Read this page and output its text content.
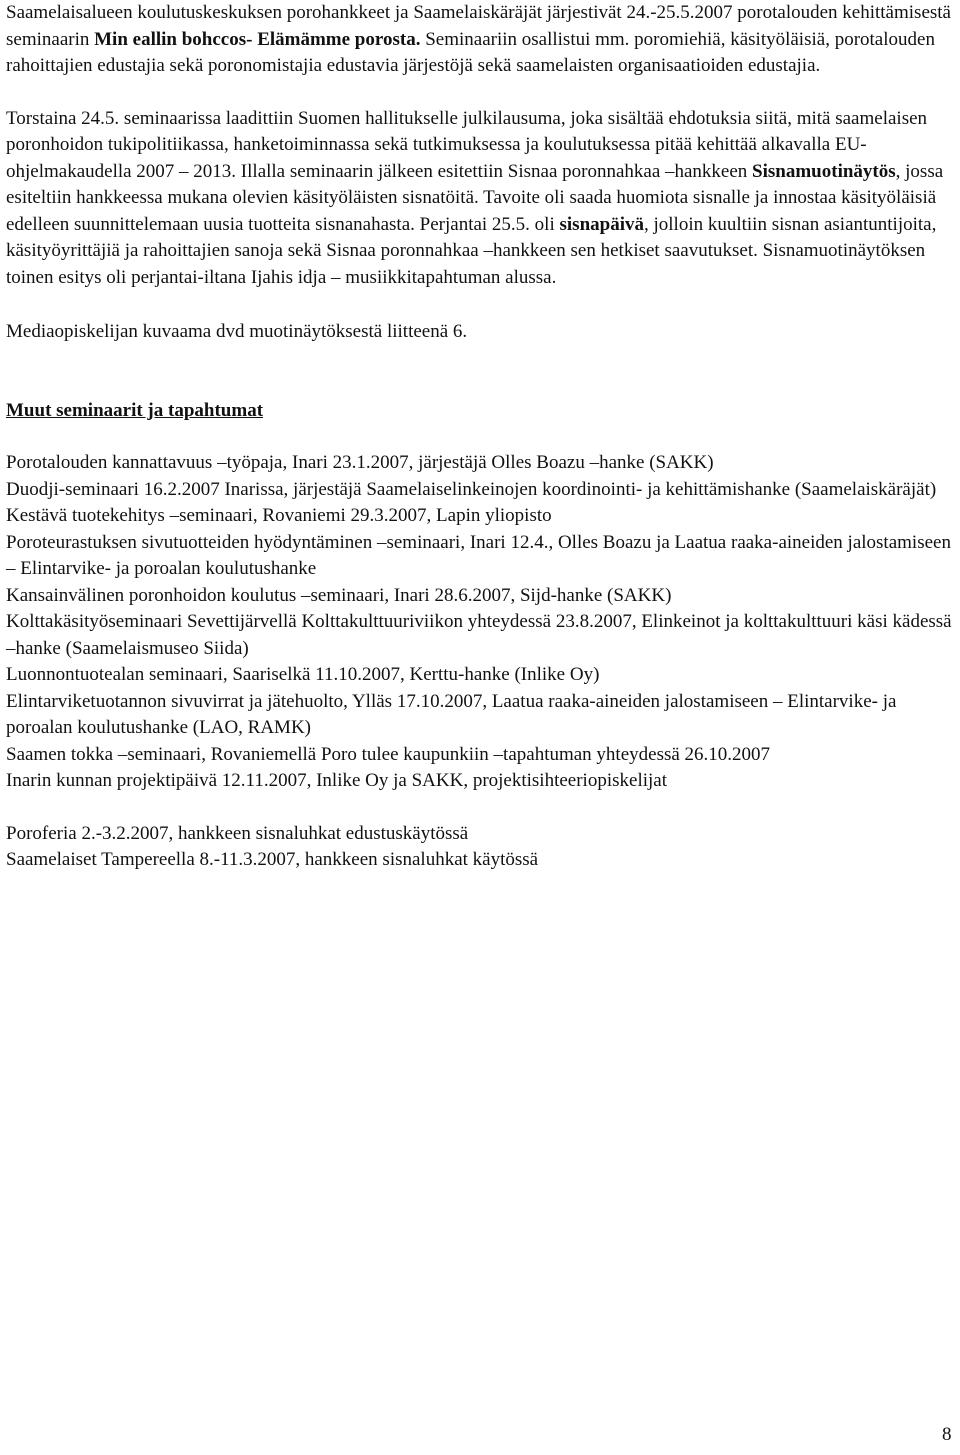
Saamelaisalueen koulutuskeskuksen porohankkeet ja Saamelaiskäräjät järjestivät 24.-25.5.2007 porotalouden kehittämisestä seminaarin Min eallin bohccos- Elämämme porosta. Seminaariin osallistui mm. poromiehiä, käsityöläisiä, porotalouden rahoittajien edustajia sekä poronomistajia edustavia järjestöjä sekä saamelaisten organisaatioiden edustajia.

Torstaina 24.5. seminaarissa laadittiin Suomen hallitukselle julkilausuma, joka sisältää ehdotuksia siitä, mitä saamelaisen poronhoidon tukipolitiikassa, hanketoiminnassa sekä tutkimuksessa ja koulutuksessa pitää kehittää alkavalla EU-ohjelmakaudella 2007 – 2013. Illalla seminaarin jälkeen esitettiin Sisnaa poronnahkaa –hankkeen Sisnamuotinäytös, jossa esiteltiin hankkeessa mukana olevien käsityöläisten sisnatöitä. Tavoite oli saada huomiota sisnalle ja innostaa käsityöläisiä edelleen suunnittelemaan uusia tuotteita sisnanahasta. Perjantai 25.5. oli sisnapäivä, jolloin kuultiin sisnan asiantuntijoita, käsityöyrittäjiä ja rahoittajien sanoja sekä Sisnaa poronnahkaa –hankkeen sen hetkiset saavutukset. Sisnamuotinäytöksen toinen esitys oli perjantai-iltana Ijahis idja – musiikkitapahtuman alussa.

Mediaopiskelijan kuvaama dvd muotinäytöksestä liitteenä 6.

Muut seminaarit ja tapahtumat

Porotalouden kannattavuus –työpaja, Inari 23.1.2007, järjestäjä Olles Boazu –hanke (SAKK)

Duodji-seminaari 16.2.2007 Inarissa, järjestäjä Saamelaiselinkeinojen koordinointi- ja kehittämishanke (Saamelaiskäräjät)

Kestävä tuotekehitys –seminaari, Rovaniemi 29.3.2007, Lapin yliopisto

Poroteurastuksen sivutuotteiden hyödyntäminen –seminaari, Inari 12.4., Olles Boazu ja Laatua raaka-aineiden jalostamiseen – Elintarvike- ja poroalan koulutushanke

Kansainvälinen poronhoidon koulutus –seminaari, Inari 28.6.2007, Sijd-hanke (SAKK)

Kolttakäsityöseminaari Sevettijärvellä Kolttakulttuuriviikon yhteydessä 23.8.2007, Elinkeinot ja kolttakulttuuri käsi kädessä –hanke (Saamelaismuseo Siida)

Luonnontuotealan seminaari, Saariselkä 11.10.2007, Kerttu-hanke (Inlike Oy)

Elintarviketuotannon sivuvirrat ja jätehuolto, Ylläs 17.10.2007, Laatua raaka-aineiden jalostamiseen – Elintarvike- ja poroalan koulutushanke (LAO, RAMK)

Saamen tokka –seminaari, Rovaniemellä Poro tulee kaupunkiin –tapahtuman yhteydessä 26.10.2007

Inarin kunnan projektipäivä 12.11.2007, Inlike Oy ja SAKK, projektisihteeriopiskelijat

Poroferia 2.-3.2.2007, hankkeen sisnaluhkat edustuskäytössä

Saamelaiset Tampereella 8.-11.3.2007, hankkeen sisnaluhkat käytössä

8
